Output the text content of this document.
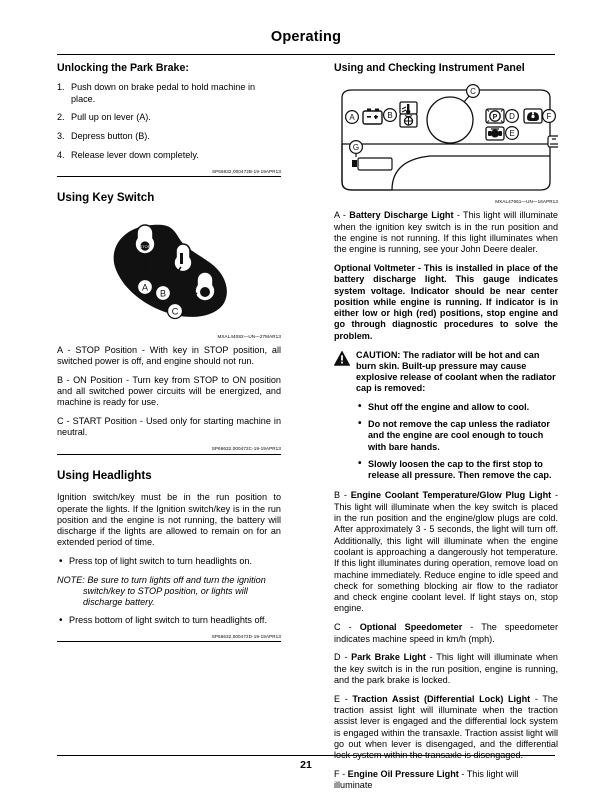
Operating
Unlocking the Park Brake:
1. Push down on brake pedal to hold machine in place.
2. Pull up on lever (A).
3. Depress button (B).
4. Release lever down completely.
SP66632,000472B-19-19APR13
Using Key Switch
STOP
A
B
C
MXAL44082—UN—27MAR13

A - STOP Position - With key in STOP position, all switched power is off, and engine should not run.

B - ON Position - Turn key from STOP to ON position and all switched power circuits will be energized, and machine is ready for use.

C - START Position - Used only for starting machine in neutral.

SP66632,000472C-19-19APR13
Using Headlights

Ignition switch/key must be in the run position to operate the lights. If the Ignition switch/key is in the run position and the engine is not running, the battery will discharge if the lights are allowed to remain on for an extended period of time.

• Press top of light switch to turn headlights on.

NOTE: Be sure to turn lights off and turn the ignition switch/key to STOP position, or lights will discharge battery.

• Press bottom of light switch to turn headlights off.
SP66632,000472D-19-19APR13
Using and Checking Instrument Panel
A	B
C
P D
E
F
G
MXAL47661—UN—16APR13

A - Battery Discharge Light - This light will illuminate when the ignition key switch is in the run position and the engine is not running. If this light illuminates when the engine is running, see your John Deere dealer.

Optional Voltmeter - This is installed in place of the battery discharge light. This gauge indicates system voltage. Indicator should be near center position while engine is running. If indicator is in either low or high (red) positions, stop engine and go through diagnostic procedures to solve the problem.

CAUTION: The radiator will be hot and can burn skin. Built-up pressure may cause explosive release of coolant when the radiator cap is removed:

• Shut off the engine and allow to cool.
• Do not remove the cap unless the radiator and the engine are cool enough to touch with bare hands.
• Slowly loosen the cap to the first stop to release all pressure. Then remove the cap.

B - Engine Coolant Temperature/Glow Plug Light - This light will illuminate when the key switch is placed in the run position and the engine/glow plugs are cold. After approximately 3 - 5 seconds, the light will turn off. Additionally, this light will illuminate when the engine coolant is approaching a dangerously hot temperature. If this light illuminates during operation, remove load on machine immediately. Reduce engine to idle speed and check for something blocking air flow to the radiator and check engine coolant level. If light stays on, stop engine.

C - Optional Speedometer - The speedometer indicates machine speed in km/h (mph).

D - Park Brake Light - This light will illuminate when the key switch is in the run position, engine is running, and the park brake is locked.

E - Traction Assist (Differential Lock) Light - The traction assist light will illuminate when the traction assist lever is engaged and the differential lock system is engaged within the transaxle. Traction assist light will go out when lever is disengaged, and the differential lock system within the transaxle is disengaged.

F - Engine Oil Pressure Light - This light will illuminate

21
